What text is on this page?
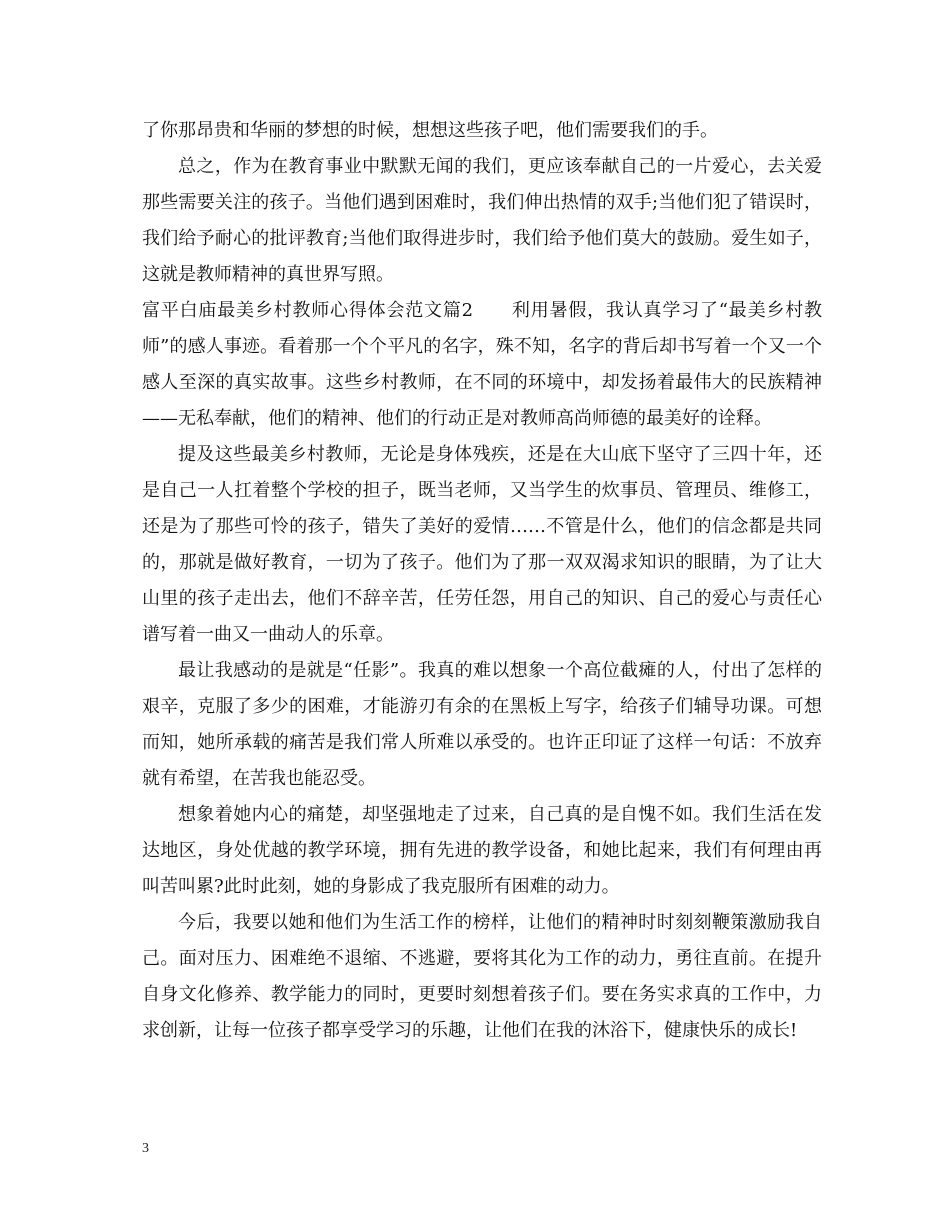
了你那昂贵和华丽的梦想的时候，想想这些孩子吧，他们需要我们的手。

总之，作为在教育事业中默默无闻的我们，更应该奉献自己的一片爱心，去关爱那些需要关注的孩子。当他们遇到困难时，我们伸出热情的双手;当他们犯了错误时，我们给予耐心的批评教育;当他们取得进步时，我们给予他们莫大的鼓励。爱生如子，这就是教师精神的真世界写照。

富平白庙最美乡村教师心得体会范文篇2 利用暑假，我认真学习了“最美乡村教师”的感人事迹。看着那一个个平凡的名字，殊不知，名字的背后却书写着一个又一个感人至深的真实故事。这些乡村教师，在不同的环境中，却发扬着最伟大的民族精神——无私奉献，他们的精神、他们的行动正是对教师高尚师德的最美好的诠释。

提及这些最美乡村教师，无论是身体残疾，还是在大山底下坚守了三四十年，还是自己一人扛着整个学校的担子，既当老师，又当学生的炊事员、管理员、维修工，还是为了那些可怜的孩子，错失了美好的爱情……不管是什么，他们的信念都是共同的，那就是做好教育，一切为了孩子。他们为了那一双双渴求知识的眼睛，为了让大山里的孩子走出去，他们不辞辛苦，任劳任怨，用自己的知识、自己的爱心与责任心谱写着一曲又一曲动人的乐章。

最让我感动的是就是“任影”。我真的难以想象一个高位截瘫的人，付出了怎样的艰辛，克服了多少的困难，才能游刃有余的在黑板上写字，给孩子们辅导功课。可想而知，她所承载的痛苦是我们常人所难以承受的。也许正印证了这样一句话：不放弃就有希望，在苦我也能忍受。

想象着她内心的痛楚，却坚强地走了过来，自己真的是自愧不如。我们生活在发达地区，身处优越的教学环境，拥有先进的教学设备，和她比起来，我们有何理由再叫苦叫累?此时此刻，她的身影成了我克服所有困难的动力。

今后，我要以她和他们为生活工作的榜样，让他们的精神时时刻刻鞭策激励我自己。面对压力、困难绝不退缩、不逃避，要将其化为工作的动力，勇往直前。在提升自身文化修养、教学能力的同时，更要时刻想着孩子们。要在务实求真的工作中，力求创新，让每一位孩子都享受学习的乐趣，让他们在我的沐浴下，健康快乐的成长!

3
